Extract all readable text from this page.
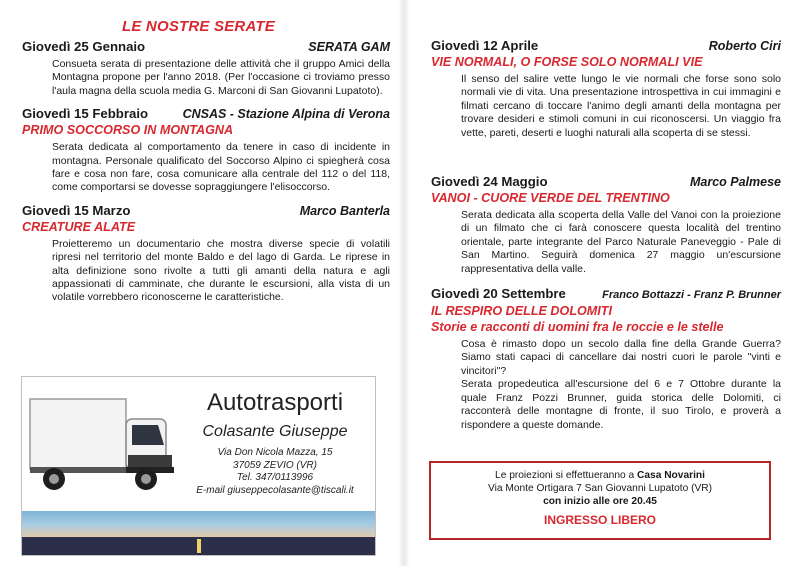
LE NOSTRE SERATE
Giovedì 25 Gennaio	SERATA GAM

Consueta serata di presentazione delle attività che il gruppo Amici della Montagna propone per l'anno 2018. (Per l'occasione ci troviamo presso l'aula magna della scuola media G. Marconi di San Giovanni Lupatoto).

Giovedì 15 Febbraio	CNSAS - Stazione Alpina di Verona
PRIMO SOCCORSO IN MONTAGNA

Serata dedicata al comportamento da tenere in caso di incidente in montagna. Personale qualificato del Soccorso Alpino ci spiegherà cosa fare e cosa non fare, cosa comunicare alla centrale del 112 o del 118, come comportarsi se dovesse sopraggiungere l'elisoccorso.

Giovedì 15 Marzo	Marco Banterla
CREATURE ALATE

Proietteremo un documentario che mostra diverse specie di volatili ripresi nel territorio del monte Baldo e del lago di Garda. Le riprese in alta definizione sono rivolte a tutti gli amanti della natura e agli appassionati di camminate, che durante le escursioni, alla vista di un volatile vorrebbero riconoscerne le caratteristiche.

Autotrasporti
Colasante Giuseppe
Via Don Nicola Mazza, 15
37059 ZEVIO (VR)
Tel. 347/0113996
E-mail giuseppecolasante@tiscali.it
Giovedì 12 Aprile	Roberto Ciri
VIE NORMALI, O FORSE SOLO NORMALI VIE

Il senso del salire vette lungo le vie normali che forse sono solo normali vie di vita. Una presentazione introspettiva in cui immagini e filmati cercano di toccare l'animo degli amanti della montagna per trovare desideri e stimoli comuni in cui riconoscersi. Un viaggio fra vette, pareti, deserti e luoghi naturali alla scoperta di se stessi.

Giovedì 24 Maggio	Marco Palmese
VANOI - CUORE VERDE DEL TRENTINO

Serata dedicata alla scoperta della Valle del Vanoi con la proiezione di un filmato che ci farà conoscere questa località del trentino orientale, parte integrante del Parco Naturale Paneveggio - Pale di San Martino. Seguirà domenica 27 maggio un'escursione rappresentativa della valle.

Giovedì 20 Settembre	Franco Bottazzi - Franz P. Brunner
IL RESPIRO DELLE DOLOMITI
Storie e racconti di uomini fra le roccie e le stelle

Cosa è rimasto dopo un secolo dalla fine della Grande Guerra? Siamo stati capaci di cancellare dai nostri cuori le parole "vinti e vincitori"?

Serata propedeutica all'escursione del 6 e 7 Ottobre durante la quale Franz Pozzi Brunner, guida storica delle Dolomiti, ci racconterà delle montagne di fronte, il suo Tirolo, e proverà a rispondere a queste domande.

Le proiezioni si effettueranno a Casa Novarini
Via Monte Ortigara 7 San Giovanni Lupatoto (VR)
con inizio alle ore 20.45
INGRESSO LIBERO
